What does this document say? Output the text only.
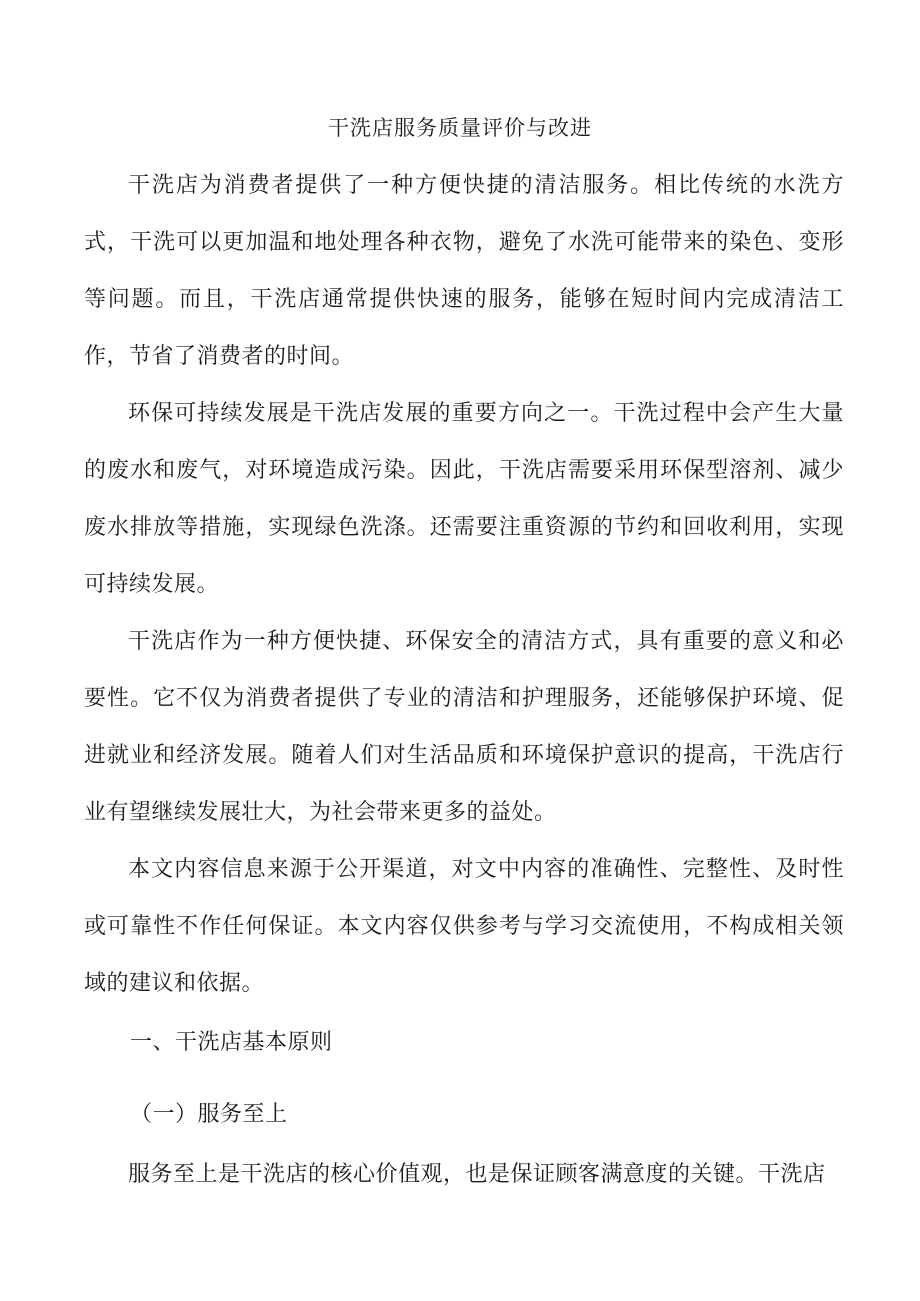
干洗店服务质量评价与改进

干洗店为消费者提供了一种方便快捷的清洁服务。相比传统的水洗方式，干洗可以更加温和地处理各种衣物，避免了水洗可能带来的染色、变形等问题。而且，干洗店通常提供快速的服务，能够在短时间内完成清洁工作，节省了消费者的时间。

环保可持续发展是干洗店发展的重要方向之一。干洗过程中会产生大量的废水和废气，对环境造成污染。因此，干洗店需要采用环保型溶剂、减少废水排放等措施，实现绿色洗涤。还需要注重资源的节约和回收利用，实现可持续发展。

干洗店作为一种方便快捷、环保安全的清洁方式，具有重要的意义和必要性。它不仅为消费者提供了专业的清洁和护理服务，还能够保护环境、促进就业和经济发展。随着人们对生活品质和环境保护意识的提高，干洗店行业有望继续发展壮大，为社会带来更多的益处。

本文内容信息来源于公开渠道，对文中内容的准确性、完整性、及时性或可靠性不作任何保证。本文内容仅供参考与学习交流使用，不构成相关领域的建议和依据。

一、干洗店基本原则
（一）服务至上

服务至上是干洗店的核心价值观，也是保证顾客满意度的关键。干洗店
